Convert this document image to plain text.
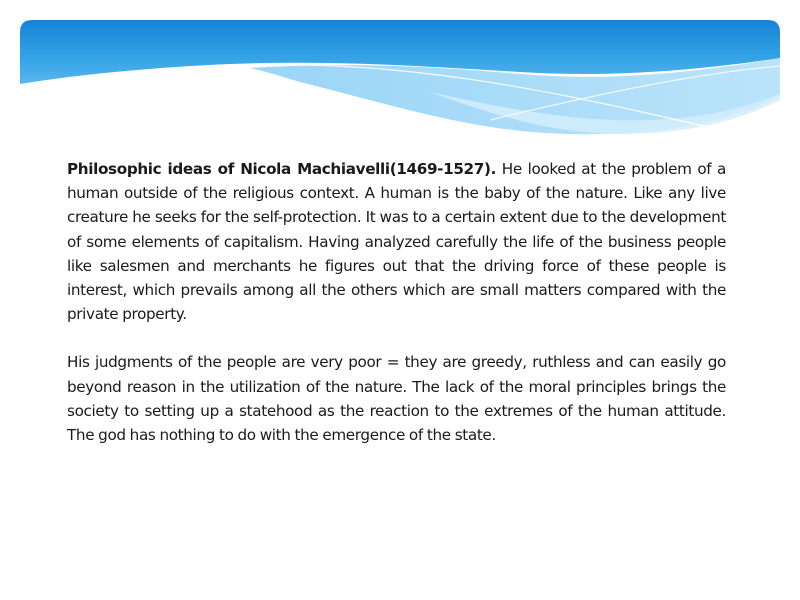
Philosophic ideas of Nicola Machiavelli(1469-1527). He looked at the problem of a human outside of the religious context. A human is the baby of the nature. Like any live creature he seeks for the self-protection. It was to a certain extent due to the development of some elements of capitalism. Having analyzed carefully the life of the business people like salesmen and merchants he figures out that the driving force of these people is interest, which prevails among all the others which are small matters compared with the private property.

His judgments of the people are very poor = they are greedy, ruthless and can easily go beyond reason in the utilization of the nature. The lack of the moral principles brings the society to setting up a statehood as the reaction to the extremes of the human attitude. The god has nothing to do with the emergence of the state.
